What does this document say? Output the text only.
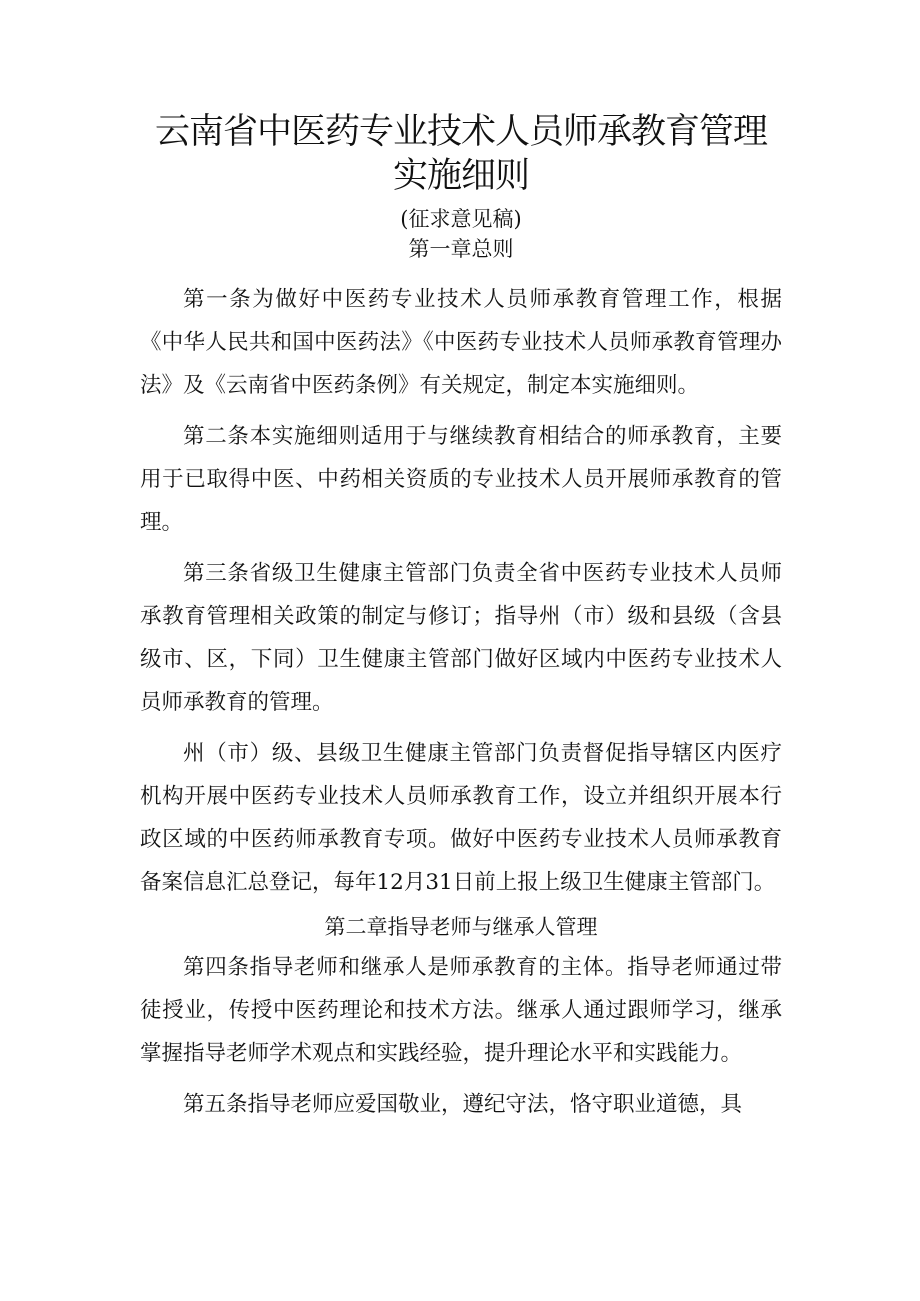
云南省中医药专业技术人员师承教育管理
实施细则

(征求意见稿)

第一章总则

第一条为做好中医药专业技术人员师承教育管理工作，根据《中华人民共和国中医药法》《中医药专业技术人员师承教育管理办法》及《云南省中医药条例》有关规定，制定本实施细则。

第二条本实施细则适用于与继续教育相结合的师承教育，主要用于已取得中医、中药相关资质的专业技术人员开展师承教育的管理。

第三条省级卫生健康主管部门负责全省中医药专业技术人员师承教育管理相关政策的制定与修订；指导州（市）级和县级（含县级市、区，下同）卫生健康主管部门做好区域内中医药专业技术人员师承教育的管理。

州（市）级、县级卫生健康主管部门负责督促指导辖区内医疗机构开展中医药专业技术人员师承教育工作，设立并组织开展本行政区域的中医药师承教育专项。做好中医药专业技术人员师承教育备案信息汇总登记，每年12月31日前上报上级卫生健康主管部门。

第二章指导老师与继承人管理

第四条指导老师和继承人是师承教育的主体。指导老师通过带徒授业，传授中医药理论和技术方法。继承人通过跟师学习，继承掌握指导老师学术观点和实践经验，提升理论水平和实践能力。

第五条指导老师应爱国敬业，遵纪守法，恪守职业道德，具
